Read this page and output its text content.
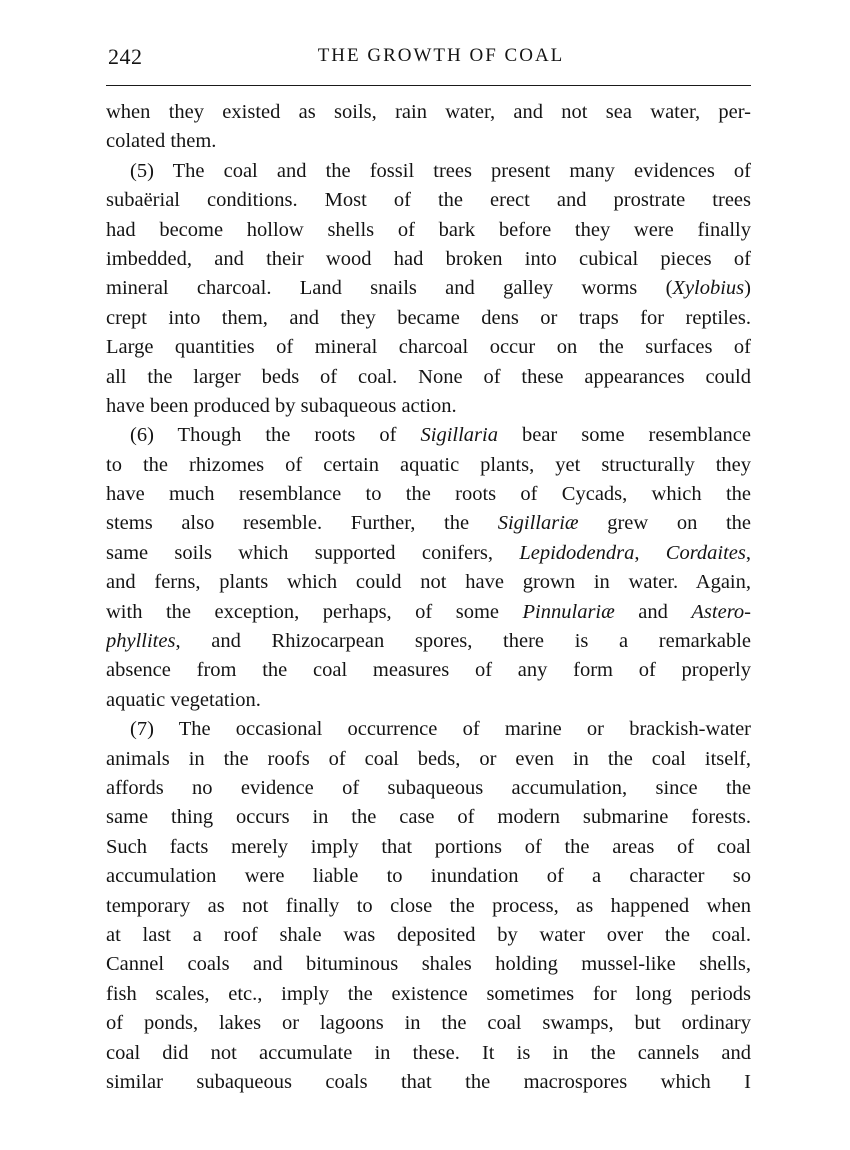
242	THE GROWTH OF COAL
when they existed as soils, rain water, and not sea water, per-
colated them.
(5) The coal and the fossil trees present many evidences of
subaërial conditions. Most of the erect and prostrate trees
had become hollow shells of bark before they were finally
imbedded, and their wood had broken into cubical pieces of
mineral charcoal. Land snails and galley worms (Xylobius)
crept into them, and they became dens or traps for reptiles.
Large quantities of mineral charcoal occur on the surfaces of
all the larger beds of coal. None of these appearances could
have been produced by subaqueous action.
(6) Though the roots of Sigillaria bear some resemblance
to the rhizomes of certain aquatic plants, yet structurally they
have much resemblance to the roots of Cycads, which the
stems also resemble. Further, the Sigillariæ grew on the
same soils which supported conifers, Lepidodendra, Cordaites,
and ferns, plants which could not have grown in water. Again,
with the exception, perhaps, of some Pinnulariæ and Astero-
phyllites, and Rhizocarpean spores, there is a remarkable
absence from the coal measures of any form of properly
aquatic vegetation.
(7) The occasional occurrence of marine or brackish-water
animals in the roofs of coal beds, or even in the coal itself,
affords no evidence of subaqueous accumulation, since the
same thing occurs in the case of modern submarine forests.
Such facts merely imply that portions of the areas of coal
accumulation were liable to inundation of a character so
temporary as not finally to close the process, as happened when
at last a roof shale was deposited by water over the coal.
Cannel coals and bituminous shales holding mussel-like shells,
fish scales, etc., imply the existence sometimes for long periods
of ponds, lakes or lagoons in the coal swamps, but ordinary
coal did not accumulate in these. It is in the cannels and
similar subaqueous coals that the macrospores which I
